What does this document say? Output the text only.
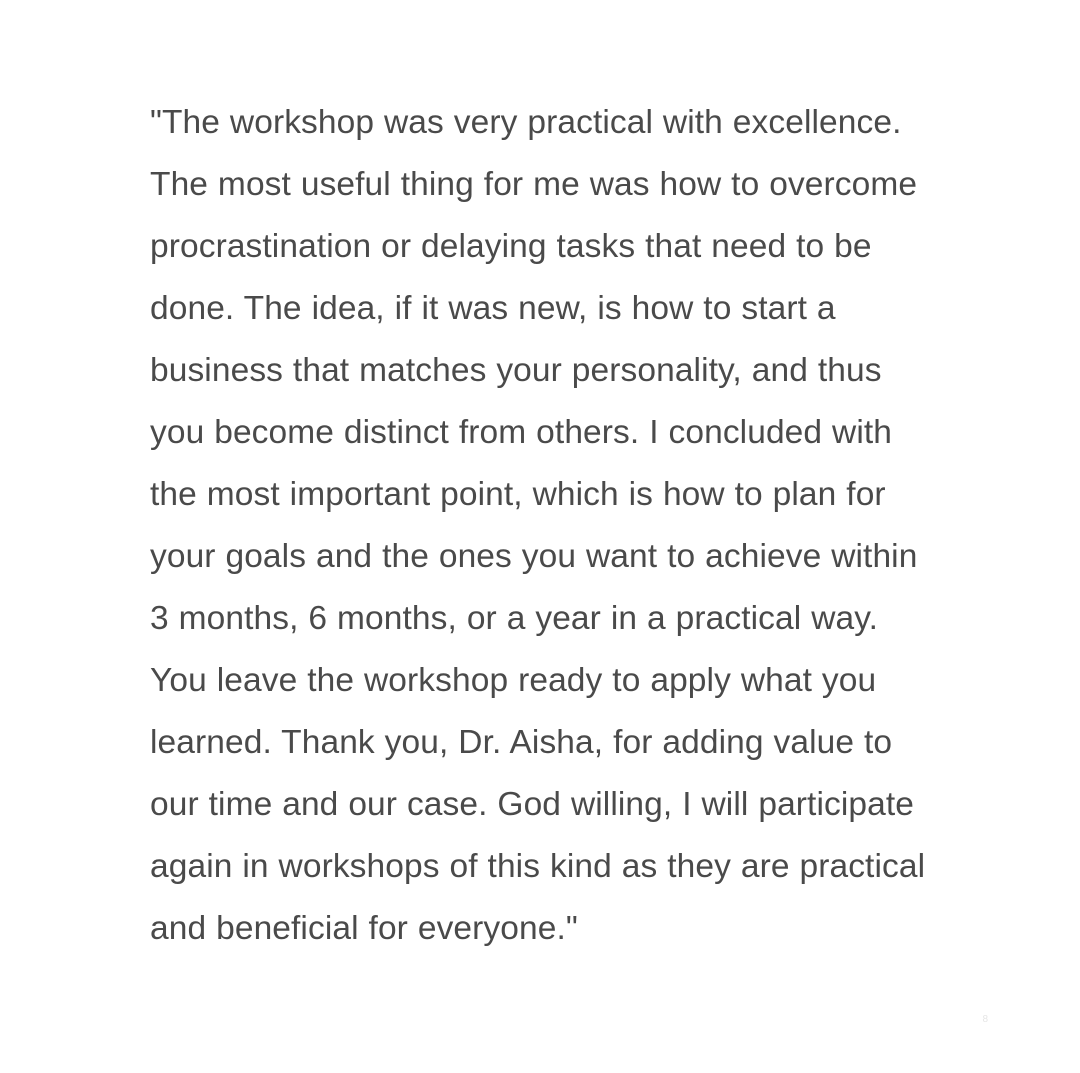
"The workshop was very practical with excellence. The most useful thing for me was how to overcome procrastination or delaying tasks that need to be done. The idea, if it was new, is how to start a business that matches your personality, and thus you become distinct from others. I concluded with the most important point, which is how to plan for your goals and the ones you want to achieve within 3 months, 6 months, or a year in a practical way. You leave the workshop ready to apply what you learned. Thank you, Dr. Aisha, for adding value to our time and our case. God willing, I will participate again in workshops of this kind as they are practical and beneficial for everyone."

8
